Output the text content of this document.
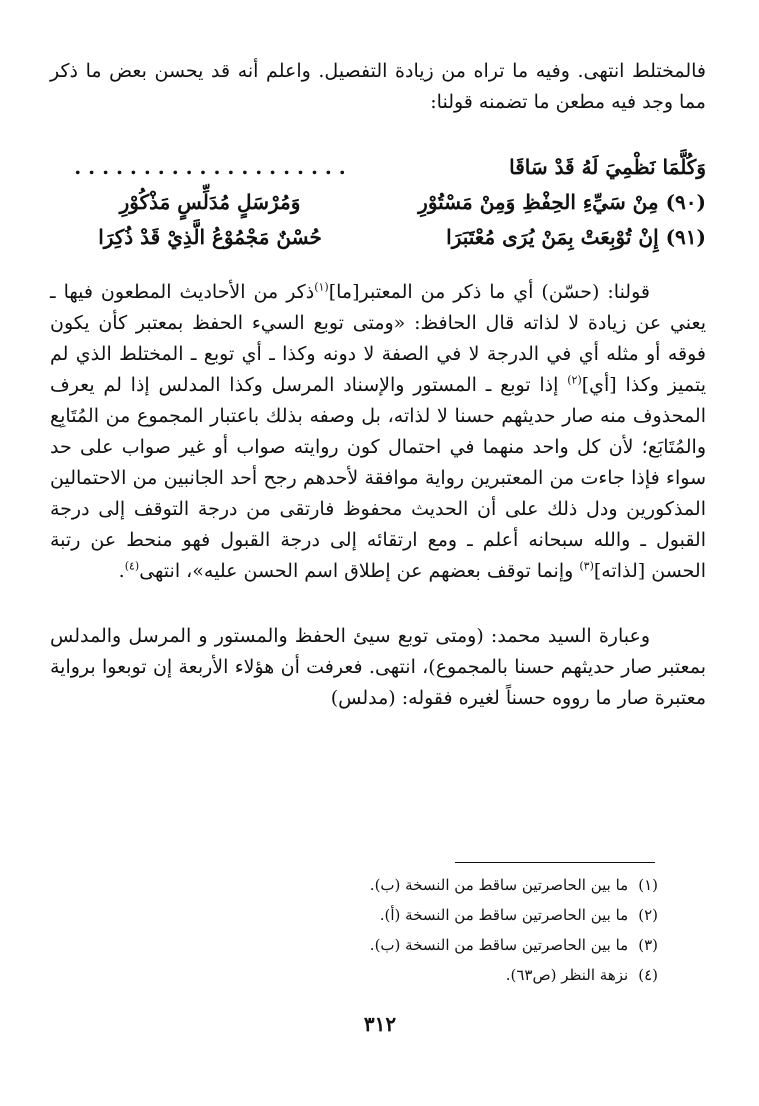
فالمختلط انتهى. وفيه ما تراه من زيادة التفصيل. واعلم أنه قد يحسن بعض ما ذكر مما وجد فيه مطعن ما تضمنه قولنا:

وَكُلَّمَا نَظْمِيَ لَهُ قَدْ سَاقَا
. . . . . . . . . . . . . . . . . . . .
(٩٠) مِنْ سَيِّءِ الحِفْظِ وَمِنْ مَسْتُوْرِ
وَمُرْسَلٍ مُدَلِّسٍ مَذْكُوْرِ
(٩١) إِنْ تُوْبِعَتْ بِمَنْ يُرَى مُعْتَبَرَا
حُسْنٌ مَجْمُوْعُ الَّذِيْ قَدْ ذُكِرَا

قولنا: (حسّن) أي ما ذكر من المعتبر[ما]$^{(١)}$ذكر من الأحاديث المطعون فيها ـ يعني عن زيادة لا لذاته قال الحافظ: «ومتى توبع السيء الحفظ بمعتبر كأن يكون فوقه أو مثله أي في الدرجة لا في الصفة لا دونه وكذا ـ أي توبع ـ المختلط الذي لم يتميز وكذا [أي]$^{(٢)}$ إذا توبع ـ المستور والإسناد المرسل وكذا المدلس إذا لم يعرف المحذوف منه صار حديثهم حسنا لا لذاته، بل وصفه بذلك باعتبار المجموع من المُتَابِع والمُتَابَع؛ لأن كل واحد منهما في احتمال كون روايته صواب أو غير صواب على حد سواء فإذا جاءت من المعتبرين رواية موافقة لأحدهم رجح أحد الجانبين من الاحتمالين المذكورين ودل ذلك على أن الحديث محفوظ فارتقى من درجة التوقف إلى درجة القبول ـ والله سبحانه أعلم ـ ومع ارتقائه إلى درجة القبول فهو منحط عن رتبة الحسن [لذاته]$^{(٣)}$ وإنما توقف بعضهم عن إطلاق اسم الحسن عليه»، انتهى$^{(٤)}$.

وعبارة السيد محمد: (ومتى توبع سيئ الحفظ والمستور و المرسل والمدلس بمعتبر صار حديثهم حسنا بالمجموع)، انتهى. فعرفت أن هؤلاء الأربعة إن توبعوا برواية معتبرة صار ما رووه حسناً لغيره فقوله: (مدلس)

(١)ما بين الحاصرتين ساقط من النسخة (ب).
(٢)ما بين الحاصرتين ساقط من النسخة (أ).
(٣)ما بين الحاصرتين ساقط من النسخة (ب).
(٤)نزهة النظر (ص٦٣).
٣١٢
